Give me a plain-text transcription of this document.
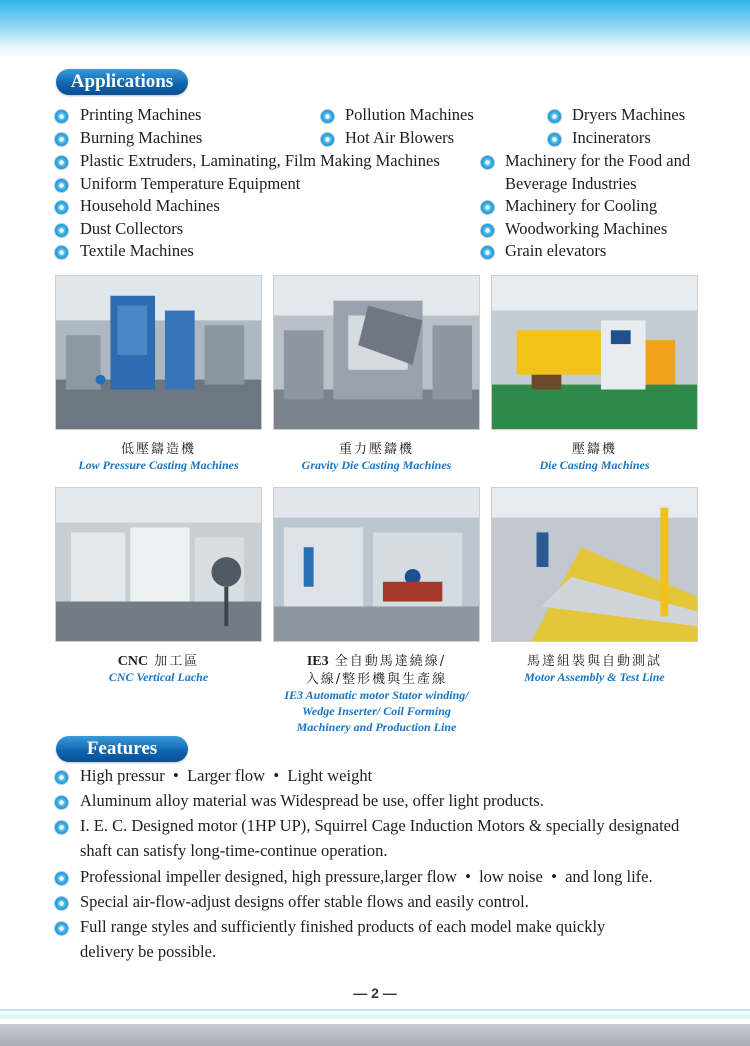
Applications
Printing Machines	Pollution Machines	Dryers Machines
Burning Machines	Hot Air Blowers	Incinerators
Plastic Extruders, Laminating, Film Making Machines	Machinery for the Food and
Beverage Industries
Uniform Temperature Equipment
Machinery for Cooling
Household Machines
Woodworking Machines
Dust Collectors
Grain elevators
Textile Machines
低壓鑄造機
Low Pressure Casting Machines
重力壓鑄機
Gravity Die Casting Machines
壓鑄機
Die Casting Machines
CNC 加工區
CNC Vertical Lache
IE3 全自動馬達繞線/
入線/整形機與生產線
IE3 Automatic motor Stator winding/
Wedge Inserter/ Coil Forming
Machinery and Production Line
馬達組裝與自動測試
Motor Assembly & Test Line
Features
High pressur  •  Larger flow  •  Light weight
Aluminum alloy material was Widespread be use, offer light products.
I. E. C. Designed motor (1HP UP), Squirrel Cage Induction Motors & specially designated
shaft can satisfy long-time-continue operation.
Professional impeller designed, high pressure,larger flow  •  low noise  •  and long life.
Special air-flow-adjust designs offer stable flows and easily control.
Full range styles and sufficiently finished products of each model make quickly
delivery be possible.
— 2 —
